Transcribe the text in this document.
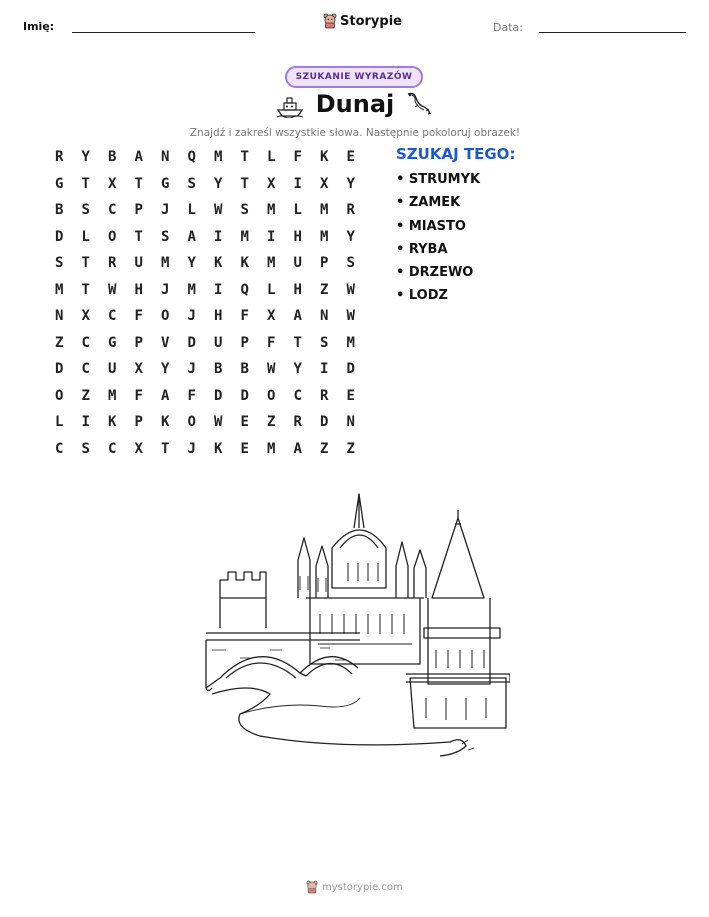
Imię:	Storypie	Data:
SZUKANIE WYRAZÓW
Dunaj
Znajdź i zakreśl wszystkie słowa. Następnie pokoloruj obrazek!
R	Y	B	A	N	Q	M	T	L	F	K	E
G	T	X	T	G	S	Y	T	X	I	X	Y
B	S	C	P	J	L	W	S	M	L	M	R
D	L	O	T	S	A	I	M	I	H	M	Y
S	T	R	U	M	Y	K	K	M	U	P	S
M	T	W	H	J	M	I	Q	L	H	Z	W
N	X	C	F	O	J	H	F	X	A	N	W
Z	C	G	P	V	D	U	P	F	T	S	M
D	C	U	X	Y	J	B	B	W	Y	I	D
O	Z	M	F	A	F	D	D	O	C	R	E
L	I	K	P	K	O	W	E	Z	R	D	N
C	S	C	X	T	J	K	E	M	A	Z	Z
SZUKAJ TEGO:
• STRUMYK
• ZAMEK
• MIASTO
• RYBA
• DRZEWO
• LODZ
mystorypie.com
